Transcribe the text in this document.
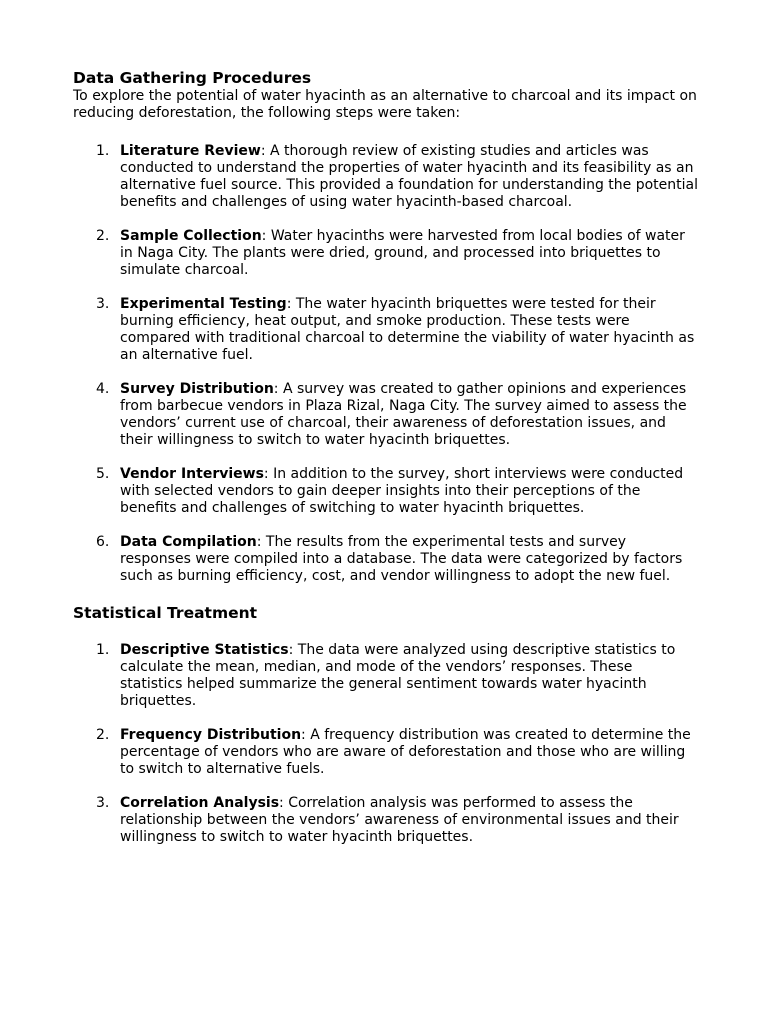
Data Gathering Procedures

To explore the potential of water hyacinth as an alternative to charcoal and its impact on reducing deforestation, the following steps were taken:

1. Literature Review: A thorough review of existing studies and articles was conducted to understand the properties of water hyacinth and its feasibility as an alternative fuel source. This provided a foundation for understanding the potential benefits and challenges of using water hyacinth-based charcoal.
2. Sample Collection: Water hyacinths were harvested from local bodies of water in Naga City. The plants were dried, ground, and processed into briquettes to simulate charcoal.
3. Experimental Testing: The water hyacinth briquettes were tested for their burning efficiency, heat output, and smoke production. These tests were compared with traditional charcoal to determine the viability of water hyacinth as an alternative fuel.
4. Survey Distribution: A survey was created to gather opinions and experiences from barbecue vendors in Plaza Rizal, Naga City. The survey aimed to assess the vendors’ current use of charcoal, their awareness of deforestation issues, and their willingness to switch to water hyacinth briquettes.
5. Vendor Interviews: In addition to the survey, short interviews were conducted with selected vendors to gain deeper insights into their perceptions of the benefits and challenges of switching to water hyacinth briquettes.
6. Data Compilation: The results from the experimental tests and survey responses were compiled into a database. The data were categorized by factors such as burning efficiency, cost, and vendor willingness to adopt the new fuel.
Statistical Treatment
1. Descriptive Statistics: The data were analyzed using descriptive statistics to calculate the mean, median, and mode of the vendors’ responses. These statistics helped summarize the general sentiment towards water hyacinth briquettes.
2. Frequency Distribution: A frequency distribution was created to determine the percentage of vendors who are aware of deforestation and those who are willing to switch to alternative fuels.
3. Correlation Analysis: Correlation analysis was performed to assess the relationship between the vendors’ awareness of environmental issues and their willingness to switch to water hyacinth briquettes.
